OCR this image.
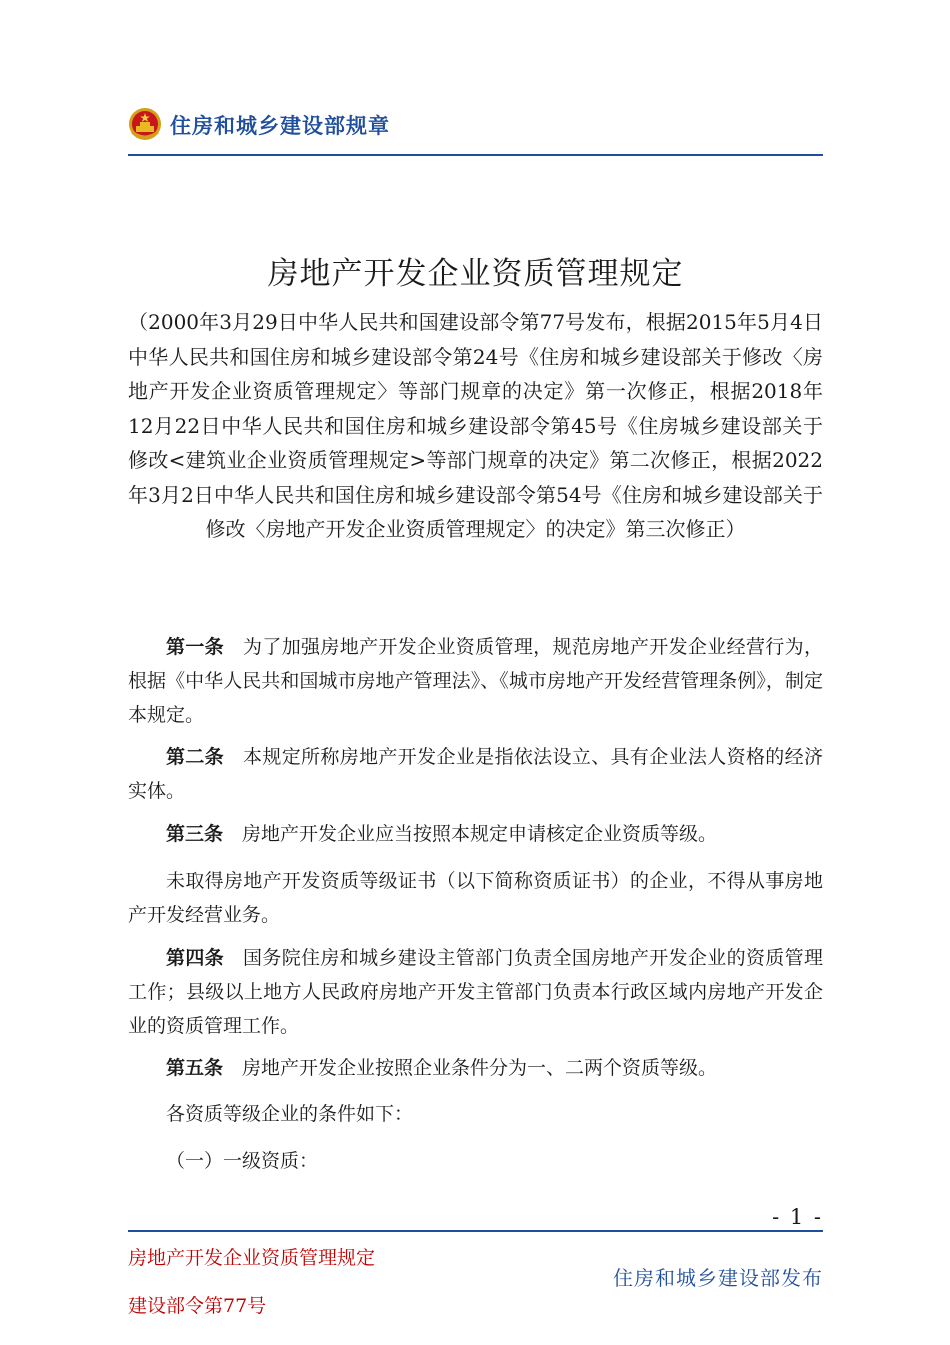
住房和城乡建设部规章
房地产开发企业资质管理规定

（2000年3月29日中华人民共和国建设部令第77号发布，根据2015年5月4日中华人民共和国住房和城乡建设部令第24号《住房和城乡建设部关于修改〈房地产开发企业资质管理规定〉等部门规章的决定》第一次修正，根据2018年12月22日中华人民共和国住房和城乡建设部令第45号《住房城乡建设部关于修改<建筑业企业资质管理规定>等部门规章的决定》第二次修正，根据2022年3月2日中华人民共和国住房和城乡建设部令第54号《住房和城乡建设部关于修改〈房地产开发企业资质管理规定〉的决定》第三次修正）

第一条 为了加强房地产开发企业资质管理，规范房地产开发企业经营行为，根据《中华人民共和国城市房地产管理法》、《城市房地产开发经营管理条例》，制定本规定。

第二条 本规定所称房地产开发企业是指依法设立、具有企业法人资格的经济实体。

第三条 房地产开发企业应当按照本规定申请核定企业资质等级。

未取得房地产开发资质等级证书（以下简称资质证书）的企业，不得从事房地产开发经营业务。

第四条 国务院住房和城乡建设主管部门负责全国房地产开发企业的资质管理工作；县级以上地方人民政府房地产开发主管部门负责本行政区域内房地产开发企业的资质管理工作。

第五条 房地产开发企业按照企业条件分为一、二两个资质等级。

各资质等级企业的条件如下：

（一）一级资质：

- 1 -
房地产开发企业资质管理规定
建设部令第77号
住房和城乡建设部发布
